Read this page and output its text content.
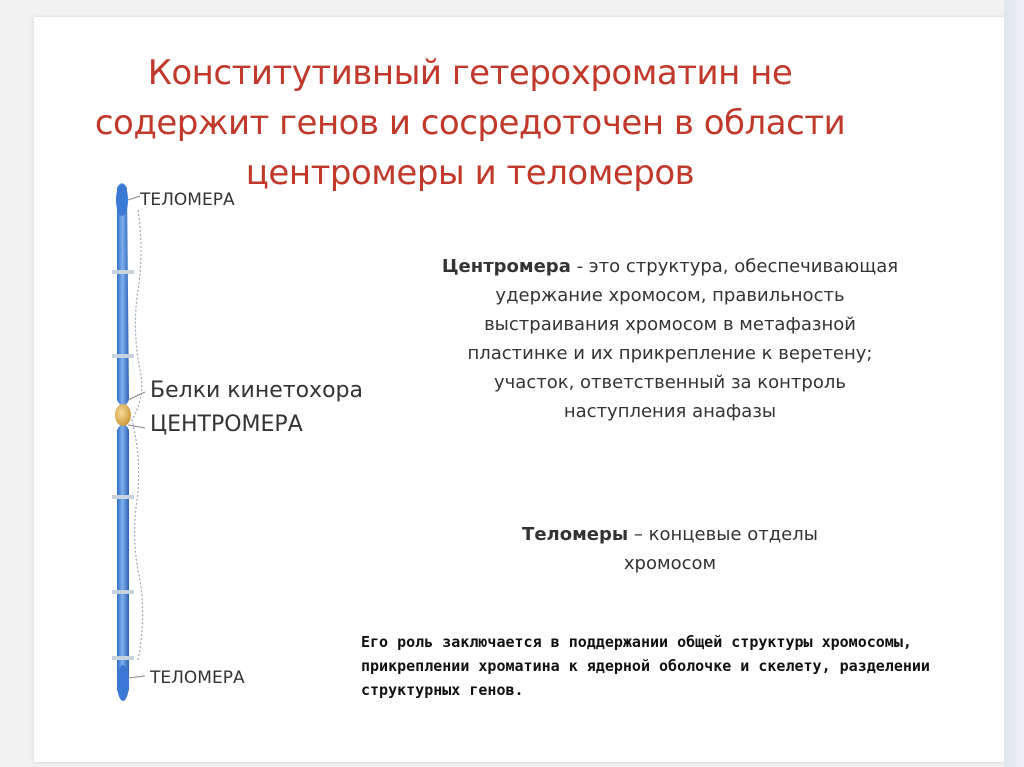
Конститутивный гетерохроматин не содержит генов и сосредоточен в области центромеры и теломеров
ТЕЛОМЕРА
Белки кинетохора
ЦЕНТРОМЕРА
ТЕЛОМЕРА
Центромера - это структура, обеспечивающая удержание хромосом, правильность выстраивания хромосом в метафазной пластинке и их прикрепление к веретену; участок, ответственный за контроль наступления анафазы
Теломеры – концевые отделы хромосом
Его роль заключается в поддержании общей структуры хромосомы, прикреплении хроматина к ядерной оболочке и скелету, разделении структурных генов.
